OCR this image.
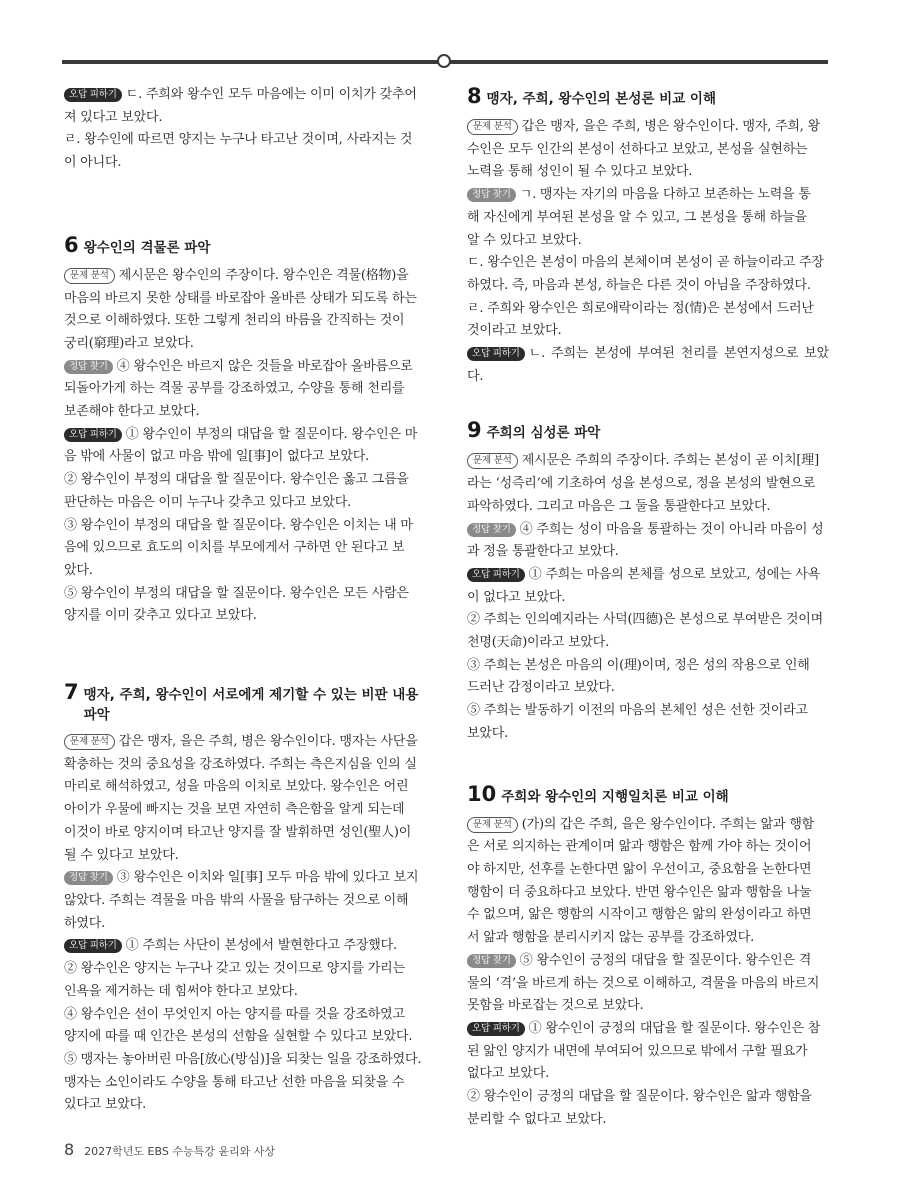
오답 피하기 ㄷ. 주희와 왕수인 모두 마음에는 이미 이치가 갖추어

져 있다고 보았다.

ㄹ. 왕수인에 따르면 양지는 누구나 타고난 것이며, 사라지는 것

이 아니다.

6 왕수인의 격물론 파악

문제 분석 제시문은 왕수인의 주장이다. 왕수인은 격물(格物)을

마음의 바르지 못한 상태를 바로잡아 올바른 상태가 되도록 하는

것으로 이해하였다. 또한 그렇게 천리의 바름을 간직하는 것이

궁리(窮理)라고 보았다.

정답 찾기 ④ 왕수인은 바르지 않은 것들을 바로잡아 올바름으로

되돌아가게 하는 격물 공부를 강조하였고, 수양을 통해 천리를

보존해야 한다고 보았다.

오답 피하기 ① 왕수인이 부정의 대답을 할 질문이다. 왕수인은 마

음 밖에 사물이 없고 마음 밖에 일[事]이 없다고 보았다.

② 왕수인이 부정의 대답을 할 질문이다. 왕수인은 옳고 그름을

판단하는 마음은 이미 누구나 갖추고 있다고 보았다.

③ 왕수인이 부정의 대답을 할 질문이다. 왕수인은 이치는 내 마

음에 있으므로 효도의 이치를 부모에게서 구하면 안 된다고 보

았다.

⑤ 왕수인이 부정의 대답을 할 질문이다. 왕수인은 모든 사람은

양지를 이미 갖추고 있다고 보았다.

7 맹자, 주희, 왕수인이 서로에게 제기할 수 있는 비판 내용 파악

문제 분석 갑은 맹자, 을은 주희, 병은 왕수인이다. 맹자는 사단을

확충하는 것의 중요성을 강조하였다. 주희는 측은지심을 인의 실

마리로 해석하였고, 성을 마음의 이치로 보았다. 왕수인은 어린

아이가 우물에 빠지는 것을 보면 자연히 측은함을 알게 되는데

이것이 바로 양지이며 타고난 양지를 잘 발휘하면 성인(聖人)이

될 수 있다고 보았다.

정답 찾기 ③ 왕수인은 이치와 일[事] 모두 마음 밖에 있다고 보지

않았다. 주희는 격물을 마음 밖의 사물을 탐구하는 것으로 이해

하였다.

오답 피하기 ① 주희는 사단이 본성에서 발현한다고 주장했다.

② 왕수인은 양지는 누구나 갖고 있는 것이므로 양지를 가리는

인욕을 제거하는 데 힘써야 한다고 보았다.

④ 왕수인은 선이 무엇인지 아는 양지를 따를 것을 강조하였고

양지에 따를 때 인간은 본성의 선함을 실현할 수 있다고 보았다.

⑤ 맹자는 놓아버린 마음[放心(방심)]을 되찾는 일을 강조하였다.

맹자는 소인이라도 수양을 통해 타고난 선한 마음을 되찾을 수

있다고 보았다.

8 맹자, 주희, 왕수인의 본성론 비교 이해

문제 분석 갑은 맹자, 을은 주희, 병은 왕수인이다. 맹자, 주희, 왕

수인은 모두 인간의 본성이 선하다고 보았고, 본성을 실현하는

노력을 통해 성인이 될 수 있다고 보았다.

정답 찾기 ㄱ. 맹자는 자기의 마음을 다하고 보존하는 노력을 통

해 자신에게 부여된 본성을 알 수 있고, 그 본성을 통해 하늘을

알 수 있다고 보았다.

ㄷ. 왕수인은 본성이 마음의 본체이며 본성이 곧 하늘이라고 주장

하였다. 즉, 마음과 본성, 하늘은 다른 것이 아님을 주장하였다.

ㄹ. 주희와 왕수인은 희로애락이라는 정(情)은 본성에서 드러난

것이라고 보았다.

오답 피하기 ㄴ. 주희는 본성에 부여된 천리를 본연지성으로 보았다.

9 주희의 심성론 파악

문제 분석 제시문은 주희의 주장이다. 주희는 본성이 곧 이치[理]

라는 ‘성즉리’에 기초하여 성을 본성으로, 정을 본성의 발현으로

파악하였다. 그리고 마음은 그 둘을 통괄한다고 보았다.

정답 찾기 ④ 주희는 성이 마음을 통괄하는 것이 아니라 마음이 성

과 정을 통괄한다고 보았다.

오답 피하기 ① 주희는 마음의 본체를 성으로 보았고, 성에는 사욕

이 없다고 보았다.

② 주희는 인의예지라는 사덕(四德)은 본성으로 부여받은 것이며

천명(天命)이라고 보았다.

③ 주희는 본성은 마음의 이(理)이며, 정은 성의 작용으로 인해

드러난 감정이라고 보았다.

⑤ 주희는 발동하기 이전의 마음의 본체인 성은 선한 것이라고

보았다.

10 주희와 왕수인의 지행일치론 비교 이해

문제 분석 (가)의 갑은 주희, 을은 왕수인이다. 주희는 앎과 행함

은 서로 의지하는 관계이며 앎과 행함은 함께 가야 하는 것이어

야 하지만, 선후를 논한다면 앎이 우선이고, 중요함을 논한다면

행함이 더 중요하다고 보았다. 반면 왕수인은 앎과 행함을 나눌

수 없으며, 앎은 행함의 시작이고 행함은 앎의 완성이라고 하면

서 앎과 행함을 분리시키지 않는 공부를 강조하였다.

정답 찾기 ⑤ 왕수인이 긍정의 대답을 할 질문이다. 왕수인은 격

물의 ‘격’을 바르게 하는 것으로 이해하고, 격물을 마음의 바르지

못함을 바로잡는 것으로 보았다.

오답 피하기 ① 왕수인이 긍정의 대답을 할 질문이다. 왕수인은 참

된 앎인 양지가 내면에 부여되어 있으므로 밖에서 구할 필요가

없다고 보았다.

② 왕수인이 긍정의 대답을 할 질문이다. 왕수인은 앎과 행함을

분리할 수 없다고 보았다.

8 2027학년도 EBS 수능특강 윤리와 사상
